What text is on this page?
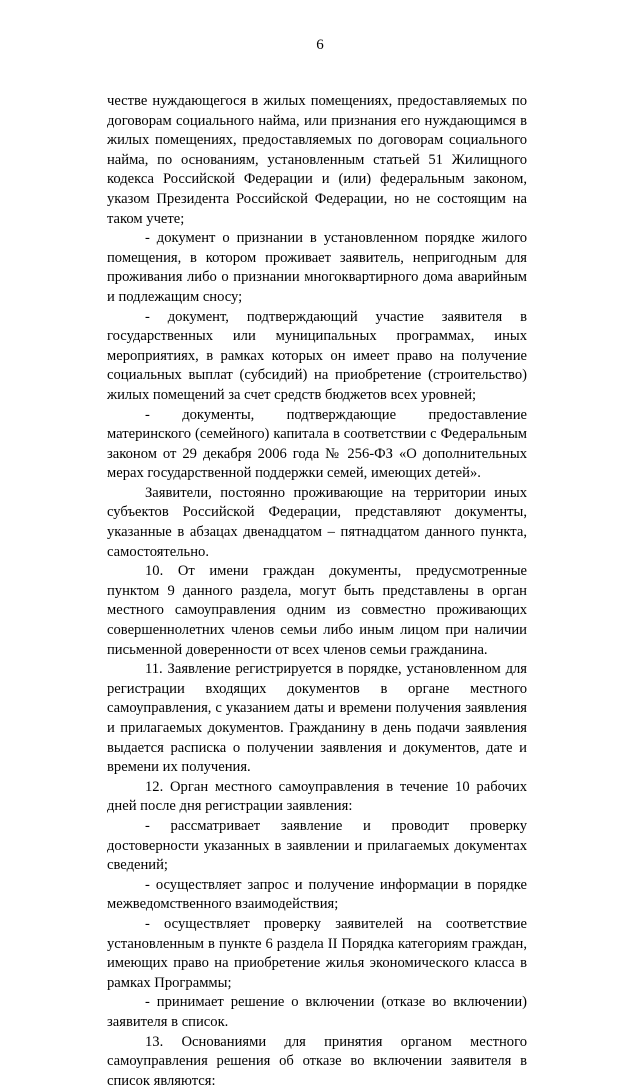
6

честве нуждающегося в жилых помещениях, предоставляемых по договорам социального найма, или признания его нуждающимся в жилых помещениях, предоставляемых по договорам социального найма, по основаниям, установленным статьей 51 Жилищного кодекса Российской Федерации и (или) федеральным законом, указом Президента Российской Федерации, но не состоящим на таком учете;

- документ о признании в установленном порядке жилого помещения, в котором проживает заявитель, непригодным для проживания либо о признании многоквартирного дома аварийным и подлежащим сносу;

- документ, подтверждающий участие заявителя в государственных или муниципальных программах, иных мероприятиях, в рамках которых он имеет право на получение социальных выплат (субсидий) на приобретение (строительство) жилых помещений за счет средств бюджетов всех уровней;

- документы, подтверждающие предоставление материнского (семейного) капитала в соответствии с Федеральным законом от 29 декабря 2006 года № 256-ФЗ «О дополнительных мерах государственной поддержки семей, имеющих детей».

Заявители, постоянно проживающие на территории иных субъектов Российской Федерации, представляют документы, указанные в абзацах двенадцатом – пятнадцатом данного пункта, самостоятельно.

10. От имени граждан документы, предусмотренные пунктом 9 данного раздела, могут быть представлены в орган местного самоуправления одним из совместно проживающих совершеннолетних членов семьи либо иным лицом при наличии письменной доверенности от всех членов семьи гражданина.

11. Заявление регистрируется в порядке, установленном для регистрации входящих документов в органе местного самоуправления, с указанием даты и времени получения заявления и прилагаемых документов. Гражданину в день подачи заявления выдается расписка о получении заявления и документов, дате и времени их получения.

12. Орган местного самоуправления в течение 10 рабочих дней после дня регистрации заявления:

- рассматривает заявление и проводит проверку достоверности указанных в заявлении и прилагаемых документах сведений;

- осуществляет запрос и получение информации в порядке межведомственного взаимодействия;

- осуществляет проверку заявителей на соответствие установленным в пункте 6 раздела II Порядка категориям граждан, имеющих право на приобретение жилья экономического класса в рамках Программы;

- принимает решение о включении (отказе во включении) заявителя в список.

13. Основаниями для принятия органом местного самоуправления решения об отказе во включении заявителя в список являются:
